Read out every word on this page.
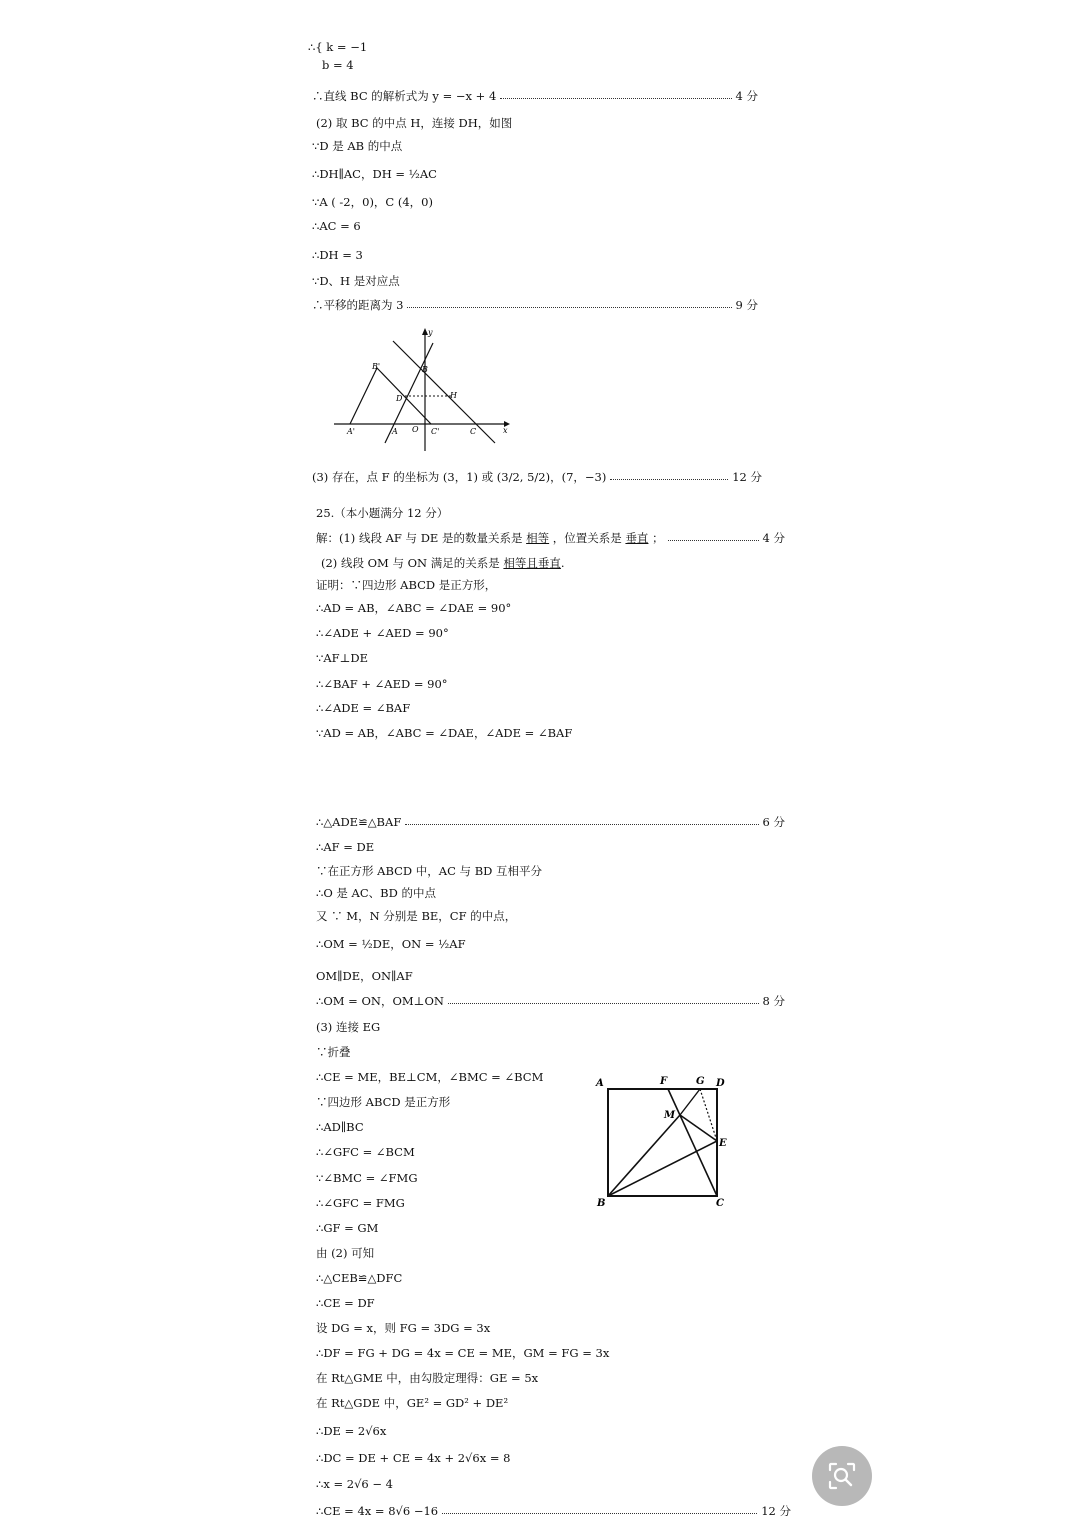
∴{ k = −1
b = 4
∴直线 BC 的解析式为 y = −x + 4	4 分
(2) 取 BC 的中点 H，连接 DH，如图
∵D 是 AB 的中点
∴DH∥AC，DH = ½AC
∵A ( -2，0)，C (4，0)
∴AC = 6
∴DH = 3
∵D、H 是对应点
∴平移的距离为 3	9 分
y
x
B'	B
D	H
A'	A O C'	C
(3) 存在，点 F 的坐标为 (3，1) 或 (3/2, 5/2)，(7，−3)	12 分
25.（本小题满分 12 分）
解：(1) 线段 AF 与 DE 是的数量关系是 相等 ，位置关系是 垂直 ；	4 分
(2) 线段 OM 与 ON 满足的关系是 相等且垂直.
证明：∵四边形 ABCD 是正方形，
∴AD = AB，∠ABC = ∠DAE = 90°
∴∠ADE + ∠AED = 90°
∵AF⊥DE
∴∠BAF + ∠AED = 90°
∴∠ADE = ∠BAF
∵AD = AB，∠ABC = ∠DAE，∠ADE = ∠BAF
∴△ADE≌△BAF	6 分
∴AF = DE
∵在正方形 ABCD 中，AC 与 BD 互相平分
∴O 是 AC、BD 的中点
又 ∵ M，N 分别是 BE，CF 的中点，
∴OM = ½DE，ON = ½AF
OM∥DE，ON∥AF
∴OM = ON，OM⊥ON	8 分
(3) 连接 EG
∵折叠
∴CE = ME，BE⊥CM，∠BMC = ∠BCM
∵四边形 ABCD 是正方形
∴AD∥BC
∴∠GFC = ∠BCM
∵∠BMC = ∠FMG
∴∠GFC = FMG
∴GF = GM
由 (2) 可知
∴△CEB≌△DFC
∴CE = DF
设 DG = x，则 FG = 3DG = 3x
∴DF = FG + DG = 4x = CE = ME，GM = FG = 3x
在 Rt△GME 中，由勾股定理得：GE = 5x
在 Rt△GDE 中，GE² = GD² + DE²
∴DE = 2√6x
∴DC = DE + CE = 4x + 2√6x = 8
∴x = 2√6 − 4
∴CE = 4x = 8√6 −16	12 分
A	F	G D
M
E
B	C
